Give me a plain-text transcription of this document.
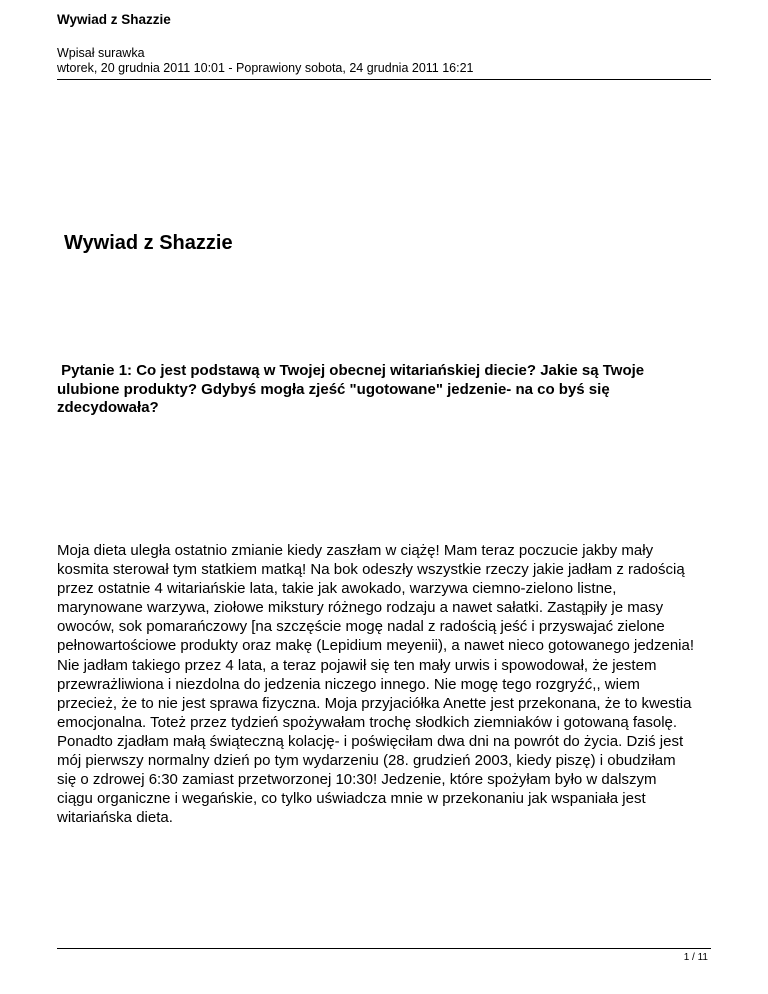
Wywiad z Shazzie
Wpisał surawka
wtorek, 20 grudnia 2011 10:01 - Poprawiony sobota, 24 grudnia 2011 16:21
Wywiad z Shazzie
Pytanie 1: Co jest podstawą w Twojej obecnej witariańskiej diecie? Jakie są Twoje
ulubione produkty? Gdybyś mogła zjeść "ugotowane" jedzenie- na co byś się
zdecydowała?
Moja dieta uległa ostatnio zmianie kiedy zaszłam w ciążę! Mam teraz poczucie jakby mały
kosmita sterował tym statkiem matką! Na bok odeszły wszystkie rzeczy jakie jadłam z radością
przez ostatnie 4 witariańskie lata, takie jak awokado, warzywa ciemno-zielono listne,
marynowane warzywa, ziołowe mikstury różnego rodzaju a nawet sałatki. Zastąpiły je masy
owoców, sok pomarańczowy [na szczęście mogę nadal z radością jeść i przyswajać zielone
pełnowartościowe produkty oraz makę (Lepidium meyenii), a nawet nieco gotowanego jedzenia!
Nie jadłam takiego przez 4 lata, a teraz pojawił się ten mały urwis i spowodował, że jestem
przewrażliwiona i niezdolna do jedzenia niczego innego. Nie mogę tego rozgryźć,, wiem
przecież, że to nie jest sprawa fizyczna. Moja przyjaciółka Anette jest przekonana, że to kwestia
emocjonalna. Toteż przez tydzień spożywałam trochę słodkich ziemniaków i gotowaną fasolę.
Ponadto zjadłam małą świąteczną kolację- i poświęciłam dwa dni na powrót do życia. Dziś jest
mój pierwszy normalny dzień po tym wydarzeniu (28. grudzień 2003, kiedy piszę) i obudziłam
się o zdrowej 6:30 zamiast przetworzonej 10:30! Jedzenie, które spożyłam było w dalszym
ciągu organiczne i wegańskie, co tylko uświadcza mnie w przekonaniu jak wspaniała jest
witariańska dieta.
1 / 11
